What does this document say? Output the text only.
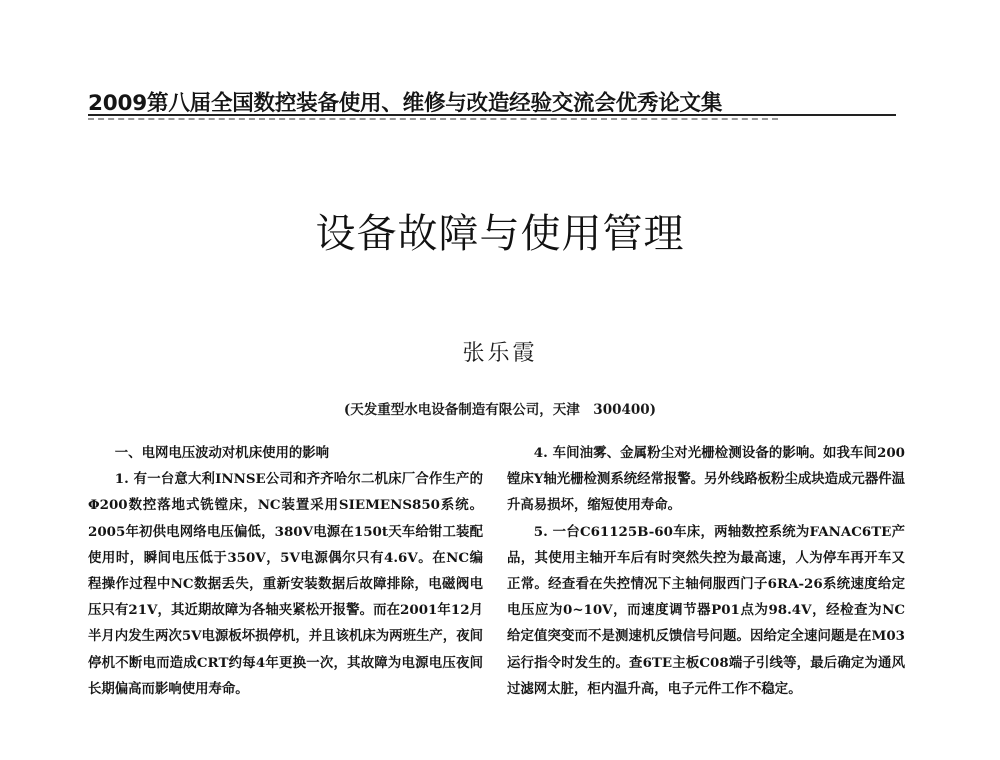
2009第八届全国数控装备使用、维修与改造经验交流会优秀论文集
设备故障与使用管理
张乐霞
(天发重型水电设备制造有限公司，天津　300400)

一、电网电压波动对机床使用的影响

1. 有一台意大利INNSE公司和齐齐哈尔二机床厂合作生产的Φ200数控落地式铣镗床，NC装置采用SIEMENS850系统。2005年初供电网络电压偏低，380V电源在150t天车给钳工装配使用时，瞬间电压低于350V，5V电源偶尔只有4.6V。在NC编程操作过程中NC数据丢失，重新安装数据后故障排除，电磁阀电压只有21V，其近期故障为各轴夹紧松开报警。而在2001年12月半月内发生两次5V电源板坏损停机，并且该机床为两班生产，夜间停机不断电而造成CRT约每4年更换一次，其故障为电源电压夜间长期偏高而影响使用寿命。

4. 车间油雾、金属粉尘对光栅检测设备的影响。如我车间200镗床Y轴光栅检测系统经常报警。另外线路板粉尘成块造成元器件温升高易损坏，缩短使用寿命。

5. 一台C61125B-60车床，两轴数控系统为FANAC6TE产品，其使用主轴开车后有时突然失控为最高速，人为停车再开车又正常。经查看在失控情况下主轴伺服西门子6RA-26系统速度给定电压应为0~10V，而速度调节器P01点为98.4V，经检查为NC给定值突变而不是测速机反馈信号问题。因给定全速问题是在M03运行指令时发生的。查6TE主板C08端子引线等，最后确定为通风过滤网太脏，柜内温升高，电子元件工作不稳定。
